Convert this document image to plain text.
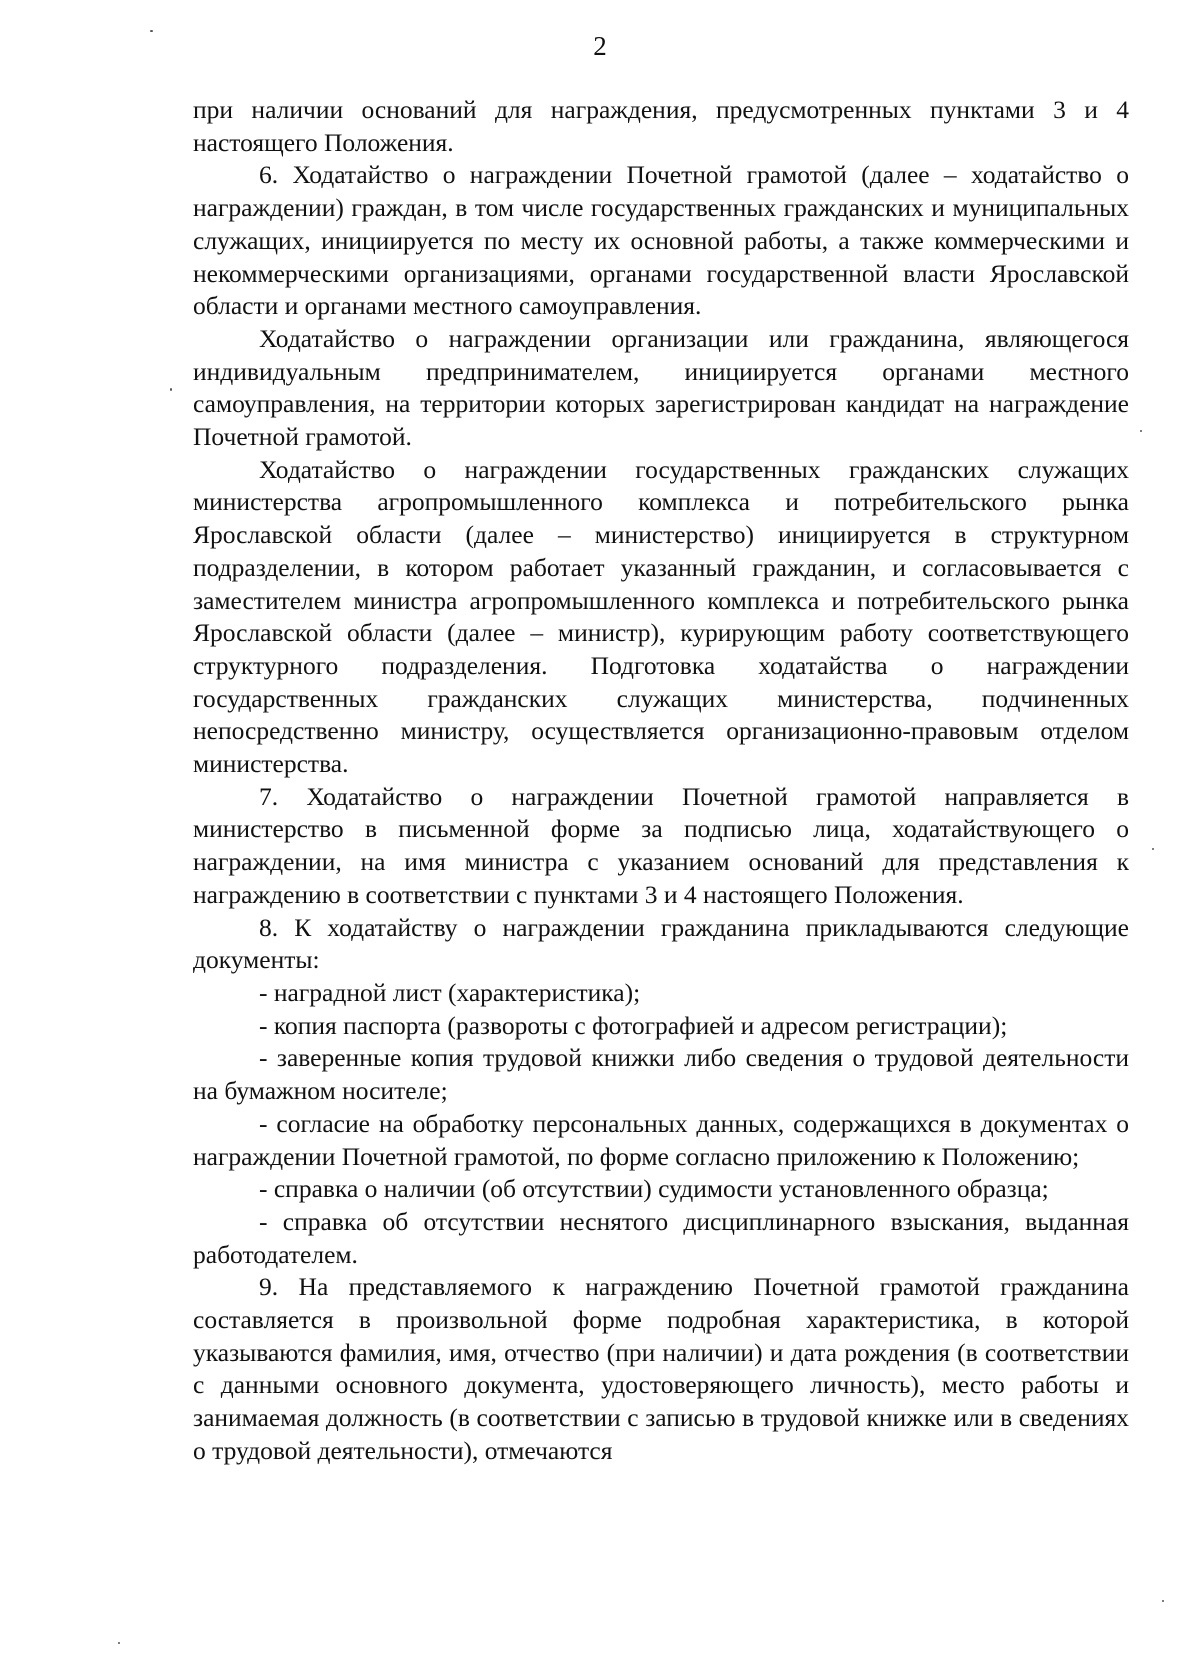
2

при наличии оснований для награждения, предусмотренных пунктами 3 и 4 настоящего Положения.

6. Ходатайство о награждении Почетной грамотой (далее – ходатайство о награждении) граждан, в том числе государственных гражданских и муниципальных служащих, инициируется по месту их основной работы, а также коммерческими и некоммерческими организациями, органами государственной власти Ярославской области и органами местного самоуправления.

Ходатайство о награждении организации или гражданина, являющегося индивидуальным предпринимателем, инициируется органами местного самоуправления, на территории которых зарегистрирован кандидат на награждение Почетной грамотой.

Ходатайство о награждении государственных гражданских служащих министерства агропромышленного комплекса и потребительского рынка Ярославской области (далее – министерство) инициируется в структурном подразделении, в котором работает указанный гражданин, и согласовывается с заместителем министра агропромышленного комплекса и потребительского рынка Ярославской области (далее – министр), курирующим работу соответствующего структурного подразделения. Подготовка ходатайства о награждении государственных гражданских служащих министерства, подчиненных непосредственно министру, осуществляется организационно-правовым отделом министерства.

7. Ходатайство о награждении Почетной грамотой направляется в министерство в письменной форме за подписью лица, ходатайствующего о награждении, на имя министра с указанием оснований для представления к награждению в соответствии с пунктами 3 и 4 настоящего Положения.

8. К ходатайству о награждении гражданина прикладываются следующие документы:

- наградной лист (характеристика);

- копия паспорта (развороты с фотографией и адресом регистрации);

- заверенные копия трудовой книжки либо сведения о трудовой деятельности на бумажном носителе;

- согласие на обработку персональных данных, содержащихся в документах о награждении Почетной грамотой, по форме согласно приложению к Положению;

- справка о наличии (об отсутствии) судимости установленного образца;

- справка об отсутствии неснятого дисциплинарного взыскания, выданная работодателем.

9. На представляемого к награждению Почетной грамотой гражданина составляется в произвольной форме подробная характеристика, в которой указываются фамилия, имя, отчество (при наличии) и дата рождения (в соответствии с данными основного документа, удостоверяющего личность), место работы и занимаемая должность (в соответствии с записью в трудовой книжке или в сведениях о трудовой деятельности), отмечаются
